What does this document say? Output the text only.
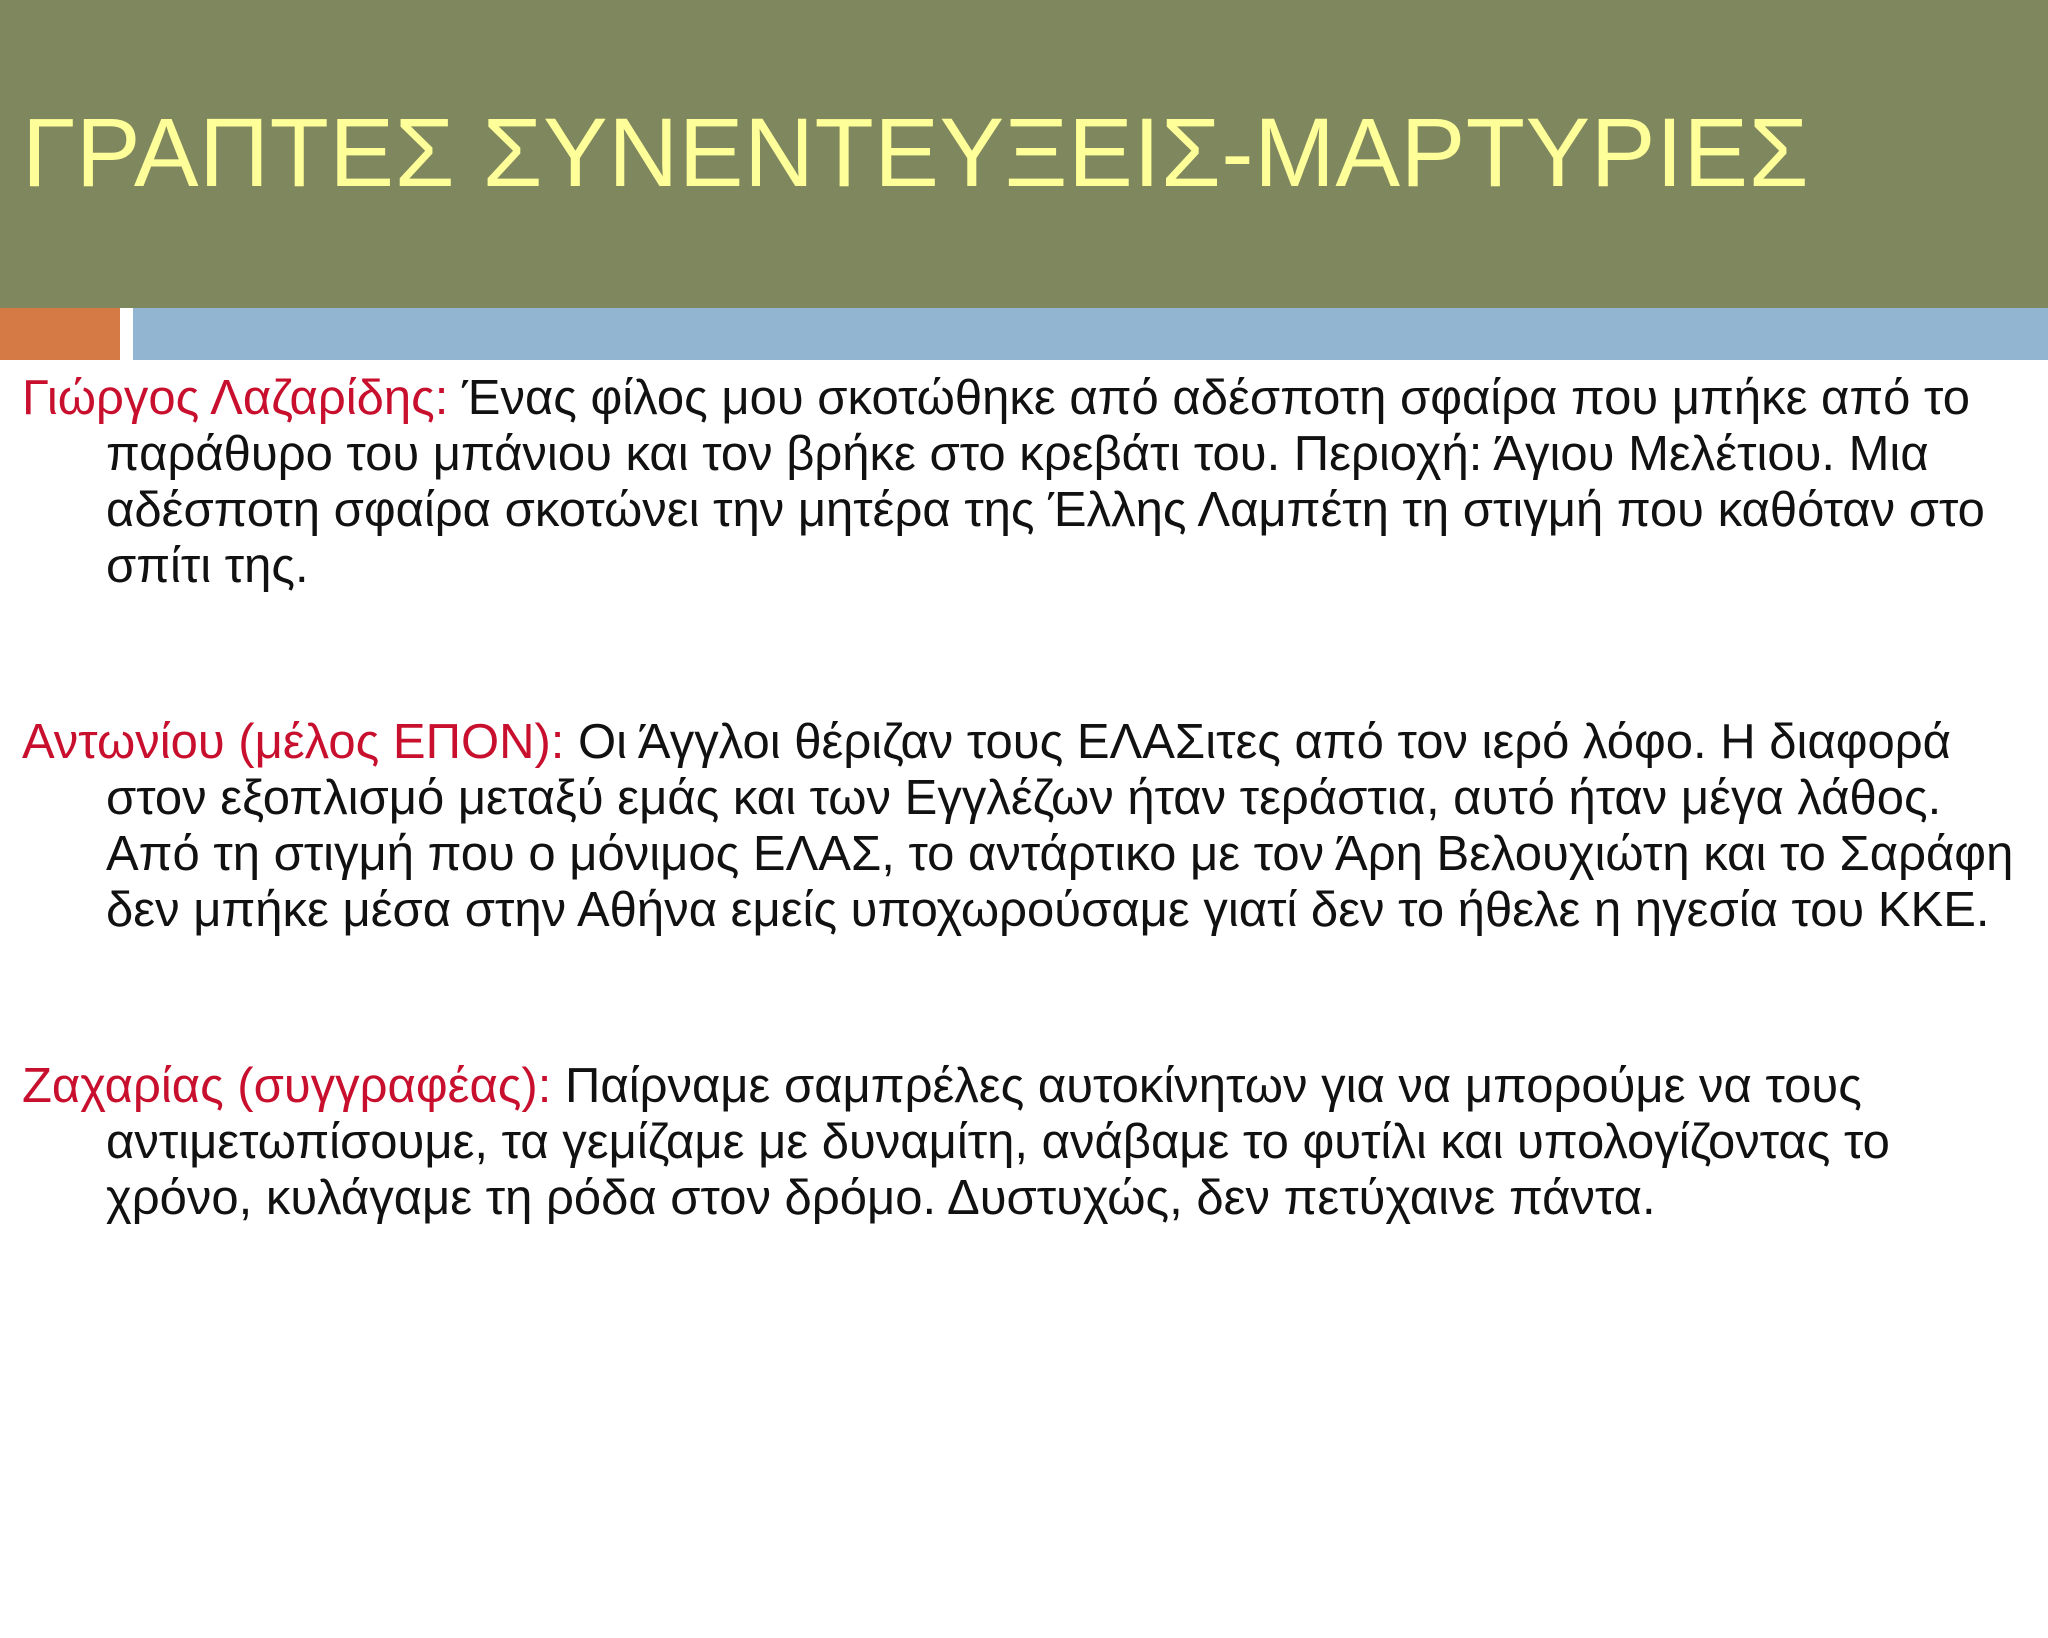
ΓΡΑΠΤΕΣ ΣΥΝΕΝΤΕΥΞΕΙΣ-ΜΑΡΤΥΡΙΕΣ

Γιώργος Λαζαρίδης: Ένας φίλος μου σκοτώθηκε από αδέσποτη σφαίρα που μπήκε από το παράθυρο του μπάνιου και τον βρήκε στο κρεβάτι του. Περιοχή: Άγιου Μελέτιου. Μια αδέσποτη σφαίρα σκοτώνει την μητέρα της Έλλης Λαμπέτη τη στιγμή που καθόταν στο σπίτι της.

Αντωνίου (μέλος ΕΠΟΝ): Οι Άγγλοι θέριζαν τους ΕΛΑΣιτες από τον ιερό λόφο. Η διαφορά στον εξοπλισμό μεταξύ εμάς και των Εγγλέζων ήταν τεράστια, αυτό ήταν μέγα λάθος. Από τη στιγμή που ο μόνιμος ΕΛΑΣ, το αντάρτικο με τον Άρη Βελουχιώτη και το Σαράφη δεν μπήκε μέσα στην Αθήνα εμείς υποχωρούσαμε γιατί δεν το ήθελε η ηγεσία του ΚΚΕ.

Ζαχαρίας (συγγραφέας): Παίρναμε σαμπρέλες αυτοκίνητων για να μπορούμε να τους αντιμετωπίσουμε, τα γεμίζαμε με δυναμίτη, ανάβαμε το φυτίλι και υπολογίζοντας το χρόνο, κυλάγαμε τη ρόδα στον δρόμο. Δυστυχώς, δεν πετύχαινε πάντα.
